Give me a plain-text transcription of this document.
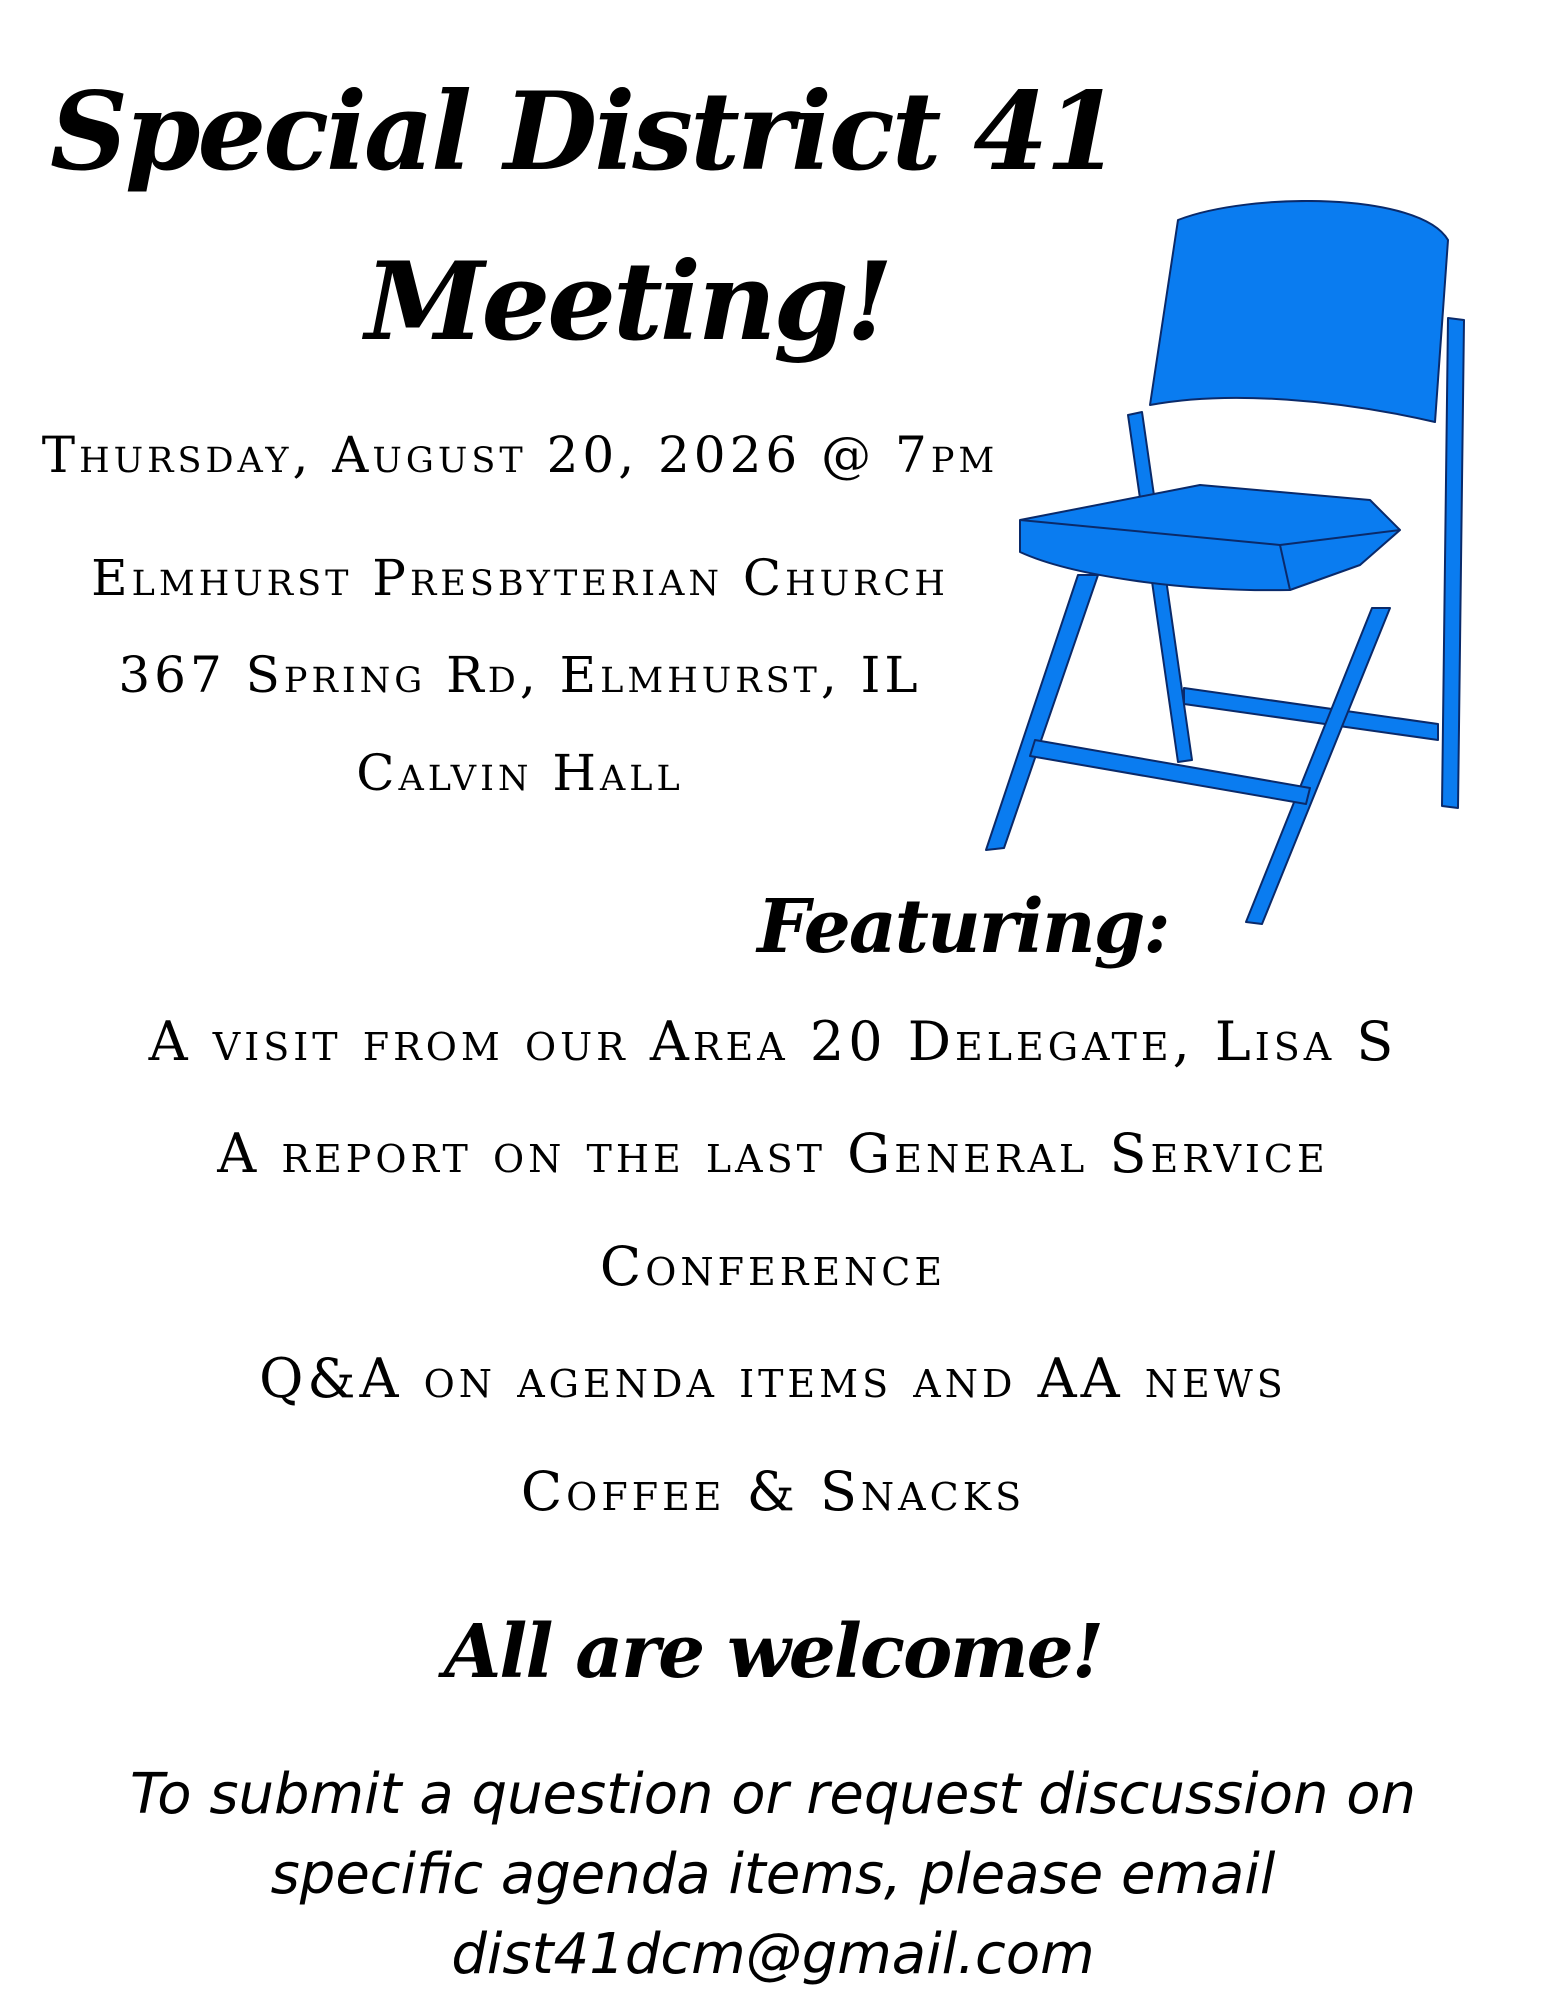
Special District 41
Meeting!

Thursday, August 20, 2026 @ 7pm

Elmhurst Presbyterian Church

367 Spring Rd, Elmhurst, IL

Calvin Hall

Featuring:

A visit from our Area 20 Delegate, Lisa S

A report on the last General Service

Conference

Q&A on agenda items and AA news

Coffee & Snacks

All are welcome!

To submit a question or request discussion on
specific agenda items, please email
dist41dcm@gmail.com
